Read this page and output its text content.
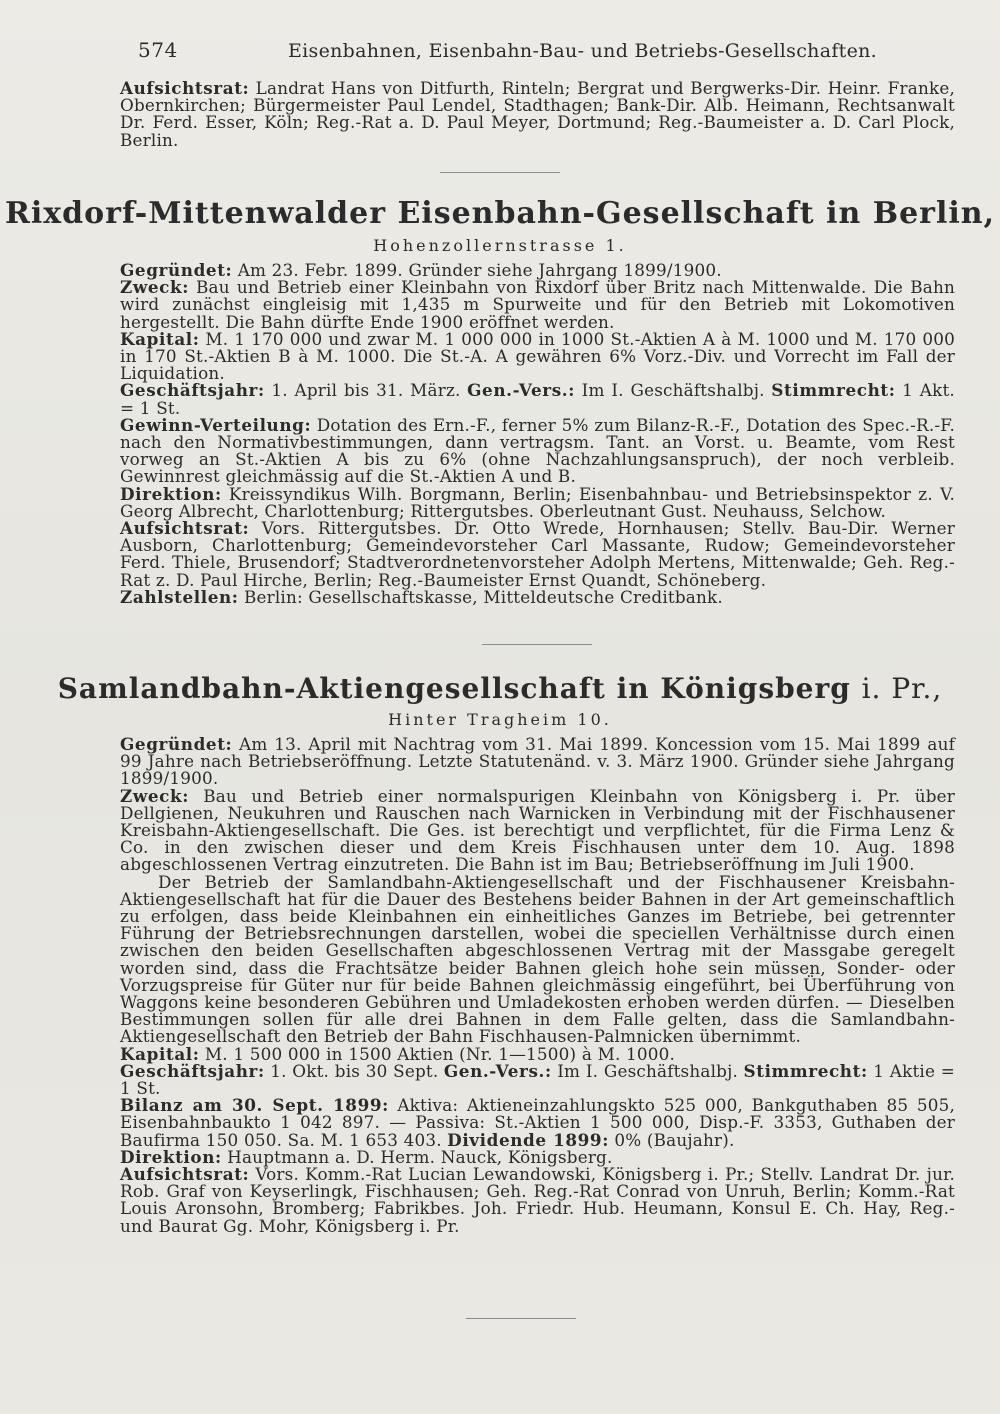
574	Eisenbahnen, Eisenbahn-Bau- und Betriebs-Gesellschaften.

Aufsichtsrat: Landrat Hans von Ditfurth, Rinteln; Bergrat und Bergwerks-Dir. Heinr. Franke, Obernkirchen; Bürgermeister Paul Lendel, Stadthagen; Bank-Dir. Alb. Heimann, Rechtsanwalt Dr. Ferd. Esser, Köln; Reg.-Rat a. D. Paul Meyer, Dortmund; Reg.-Baumeister a. D. Carl Plock, Berlin.

Rixdorf-Mittenwalder Eisenbahn-Gesellschaft in Berlin,
Hohenzollernstrasse 1.

Gegründet: Am 23. Febr. 1899. Gründer siehe Jahrgang 1899/1900.

Zweck: Bau und Betrieb einer Kleinbahn von Rixdorf über Britz nach Mittenwalde. Die Bahn wird zunächst eingleisig mit 1,435 m Spurweite und für den Betrieb mit Lokomotiven hergestellt. Die Bahn dürfte Ende 1900 eröffnet werden.

Kapital: M. 1 170 000 und zwar M. 1 000 000 in 1000 St.-Aktien A à M. 1000 und M. 170 000 in 170 St.-Aktien B à M. 1000. Die St.-A. A gewähren 6% Vorz.-Div. und Vorrecht im Fall der Liquidation.

Geschäftsjahr: 1. April bis 31. März. Gen.-Vers.: Im I. Geschäftshalbj. Stimmrecht: 1 Akt. = 1 St.

Gewinn-Verteilung: Dotation des Ern.-F., ferner 5% zum Bilanz-R.-F., Dotation des Spec.-R.-F. nach den Normativbestimmungen, dann vertragsm. Tant. an Vorst. u. Beamte, vom Rest vorweg an St.-Aktien A bis zu 6% (ohne Nachzahlungsanspruch), der noch verbleib. Gewinnrest gleichmässig auf die St.-Aktien A und B.

Direktion: Kreissyndikus Wilh. Borgmann, Berlin; Eisenbahnbau- und Betriebsinspektor z. V. Georg Albrecht, Charlottenburg; Rittergutsbes. Oberleutnant Gust. Neuhauss, Selchow.

Aufsichtsrat: Vors. Rittergutsbes. Dr. Otto Wrede, Hornhausen; Stellv. Bau-Dir. Werner Ausborn, Charlottenburg; Gemeindevorsteher Carl Massante, Rudow; Gemeindevorsteher Ferd. Thiele, Brusendorf; Stadtverordnetenvorsteher Adolph Mertens, Mittenwalde; Geh. Reg.-Rat z. D. Paul Hirche, Berlin; Reg.-Baumeister Ernst Quandt, Schöneberg.

Zahlstellen: Berlin: Gesellschaftskasse, Mitteldeutsche Creditbank.

Samlandbahn-Aktiengesellschaft in Königsberg i. Pr.,
Hinter Tragheim 10.

Gegründet: Am 13. April mit Nachtrag vom 31. Mai 1899. Koncession vom 15. Mai 1899 auf 99 Jahre nach Betriebseröffnung. Letzte Statutenänd. v. 3. März 1900. Gründer siehe Jahrgang 1899/1900.

Zweck: Bau und Betrieb einer normalspurigen Kleinbahn von Königsberg i. Pr. über Dellgienen, Neukuhren und Rauschen nach Warnicken in Verbindung mit der Fischhausener Kreisbahn-Aktiengesellschaft. Die Ges. ist berechtigt und verpflichtet, für die Firma Lenz & Co. in den zwischen dieser und dem Kreis Fischhausen unter dem 10. Aug. 1898 abgeschlossenen Vertrag einzutreten. Die Bahn ist im Bau; Betriebseröffnung im Juli 1900.
Der Betrieb der Samlandbahn-Aktiengesellschaft und der Fischhausener Kreisbahn-Aktiengesellschaft hat für die Dauer des Bestehens beider Bahnen in der Art gemeinschaftlich zu erfolgen, dass beide Kleinbahnen ein einheitliches Ganzes im Betriebe, bei getrennter Führung der Betriebsrechnungen darstellen, wobei die speciellen Verhältnisse durch einen zwischen den beiden Gesellschaften abgeschlossenen Vertrag mit der Massgabe geregelt worden sind, dass die Frachtsätze beider Bahnen gleich hohe sein müssen, Sonder- oder Vorzugspreise für Güter nur für beide Bahnen gleichmässig eingeführt, bei Überführung von Waggons keine besonderen Gebühren und Umladekosten erhoben werden dürfen. — Dieselben Bestimmungen sollen für alle drei Bahnen in dem Falle gelten, dass die Samlandbahn-Aktiengesellschaft den Betrieb der Bahn Fischhausen-Palmnicken übernimmt.

Kapital: M. 1 500 000 in 1500 Aktien (Nr. 1—1500) à M. 1000.

Geschäftsjahr: 1. Okt. bis 30 Sept. Gen.-Vers.: Im I. Geschäftshalbj. Stimmrecht: 1 Aktie = 1 St.

Bilanz am 30. Sept. 1899: Aktiva: Aktieneinzahlungskto 525 000, Bankguthaben 85 505, Eisenbahnbaukto 1 042 897. — Passiva: St.-Aktien 1 500 000, Disp.-F. 3353, Guthaben der Baufirma 150 050. Sa. M. 1 653 403. Dividende 1899: 0% (Baujahr).

Direktion: Hauptmann a. D. Herm. Nauck, Königsberg.

Aufsichtsrat: Vors. Komm.-Rat Lucian Lewandowski, Königsberg i. Pr.; Stellv. Landrat Dr. jur. Rob. Graf von Keyserlingk, Fischhausen; Geh. Reg.-Rat Conrad von Unruh, Berlin; Komm.-Rat Louis Aronsohn, Bromberg; Fabrikbes. Joh. Friedr. Hub. Heumann, Konsul E. Ch. Hay, Reg.- und Baurat Gg. Mohr, Königsberg i. Pr.
